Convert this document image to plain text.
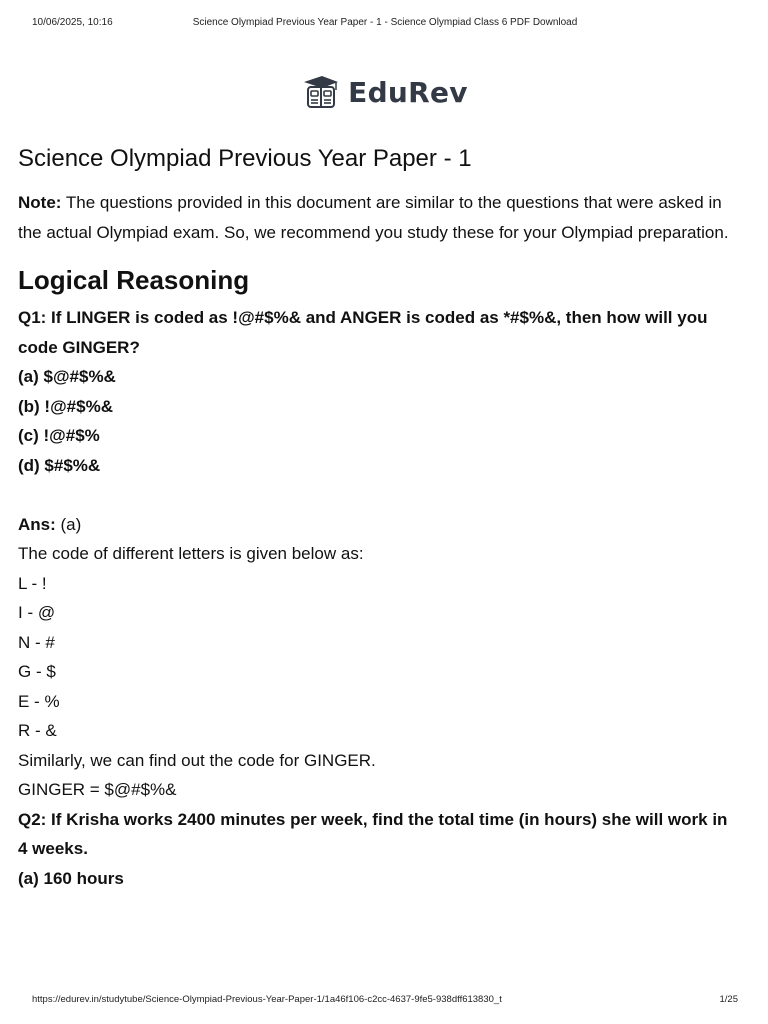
10/06/2025, 10:16	Science Olympiad Previous Year Paper - 1 - Science Olympiad Class 6 PDF Download
EduRev
Science Olympiad Previous Year Paper - 1

Note: The questions provided in this document are similar to the questions that were asked in the actual Olympiad exam. So, we recommend you study these for your Olympiad preparation.

Logical Reasoning

Q1: If LINGER is coded as !@#$%& and ANGER is coded as *#$%&, then how will you code GINGER?

(a) $@#$%&

(b) !@#$%&

(c) !@#$%

(d) $#$%&

Ans: (a)

The code of different letters is given below as:

L - !

I - @

N - #

G - $

E - %

R - &

Similarly, we can find out the code for GINGER.

GINGER = $@#$%&

Q2: If Krisha works 2400 minutes per week, find the total time (in hours) she will work in 4 weeks.

(a) 160 hours

https://edurev.in/studytube/Science-Olympiad-Previous-Year-Paper-1/1a46f106-c2cc-4637-9fe5-938dff613830_t	1/25
